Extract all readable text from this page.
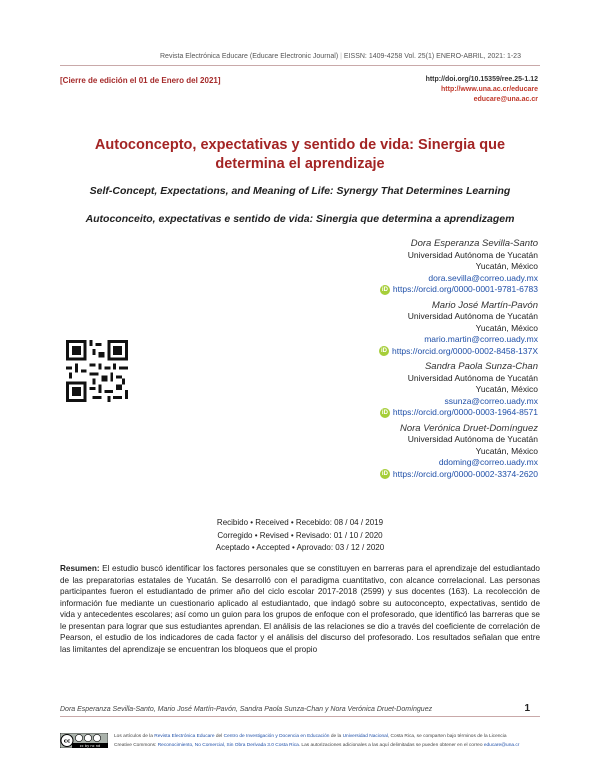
Revista Electrónica Educare (Educare Electronic Journal) | EISSN: 1409-4258 Vol. 25(1) ENERO-ABRIL, 2021: 1-23
[Cierre de edición el 01 de Enero del 2021]	http://doi.org/10.15359/ree.25-1.12
http://www.una.ac.cr/educare
educare@una.ac.cr
Autoconcepto, expectativas y sentido de vida: Sinergia que
determina el aprendizaje
Self-Concept, Expectations, and Meaning of Life: Synergy That Determines Learning
Autoconceito, expectativas e sentido de vida: Sinergia que determina a aprendizagem
Dora Esperanza Sevilla-Santo
Universidad Autónoma de Yucatán
Yucatán, México
dora.sevilla@correo.uady.mx
iD https://orcid.org/0000-0001-9781-6783
Mario José Martín-Pavón
Universidad Autónoma de Yucatán
Yucatán, México
mario.martin@correo.uady.mx
iD https://orcid.org/0000-0002-8458-137X
Sandra Paola Sunza-Chan
Universidad Autónoma de Yucatán
Yucatán, México
ssunza@correo.uady.mx
iD https://orcid.org/0000-0003-1964-8571
Nora Verónica Druet-Domínguez
Universidad Autónoma de Yucatán
Yucatán, México
ddoming@correo.uady.mx
iD https://orcid.org/0000-0002-3374-2620
Recibido • Received • Recebido: 08 / 04 / 2019
Corregido • Revised • Revisado: 01 / 10 / 2020
Aceptado • Accepted • Aprovado: 03 / 12 / 2020
Resumen: El estudio buscó identificar los factores personales que se constituyen en barreras para el aprendizaje del estudiantado de las preparatorias estatales de Yucatán. Se desarrolló con el paradigma cuantitativo, con alcance correlacional. Las personas participantes fueron el estudiantado de primer año del ciclo escolar 2017-2018 (2599) y sus docentes (163). La recolección de información fue mediante un cuestionario aplicado al estudiantado, que indagó sobre su autoconcepto, expectativas, sentido de vida y antecedentes escolares; así como un guion para los grupos de enfoque con el profesorado, que identificó las barreras que se le presentan para lograr que sus estudiantes aprendan. El análisis de las relaciones se dio a través del coeficiente de correlación de Pearson, el estudio de los indicadores de cada factor y el análisis del discurso del profesorado. Los resultados señalan que entre las limitantes del aprendizaje se encuentran los bloqueos que el propio
Dora Esperanza Sevilla-Santo, Mario José Martín-Pavón, Sandra Paola Sunza-Chan y Nora Verónica Druet-Domínguez	1
cc
cc by nc nd
Los artículos de la Revista Electrónica Educare del Centro de Investigación y Docencia en Educación de la Universidad Nacional, Costa Rica, se comparten bajo términos de la Licencia
Creative Commons: Reconocimiento, No Comercial, Sin Obra Derivada 3.0 Costa Rica. Las autorizaciones adicionales a las aquí delimitadas se pueden obtener en el correo educare@una.cr
